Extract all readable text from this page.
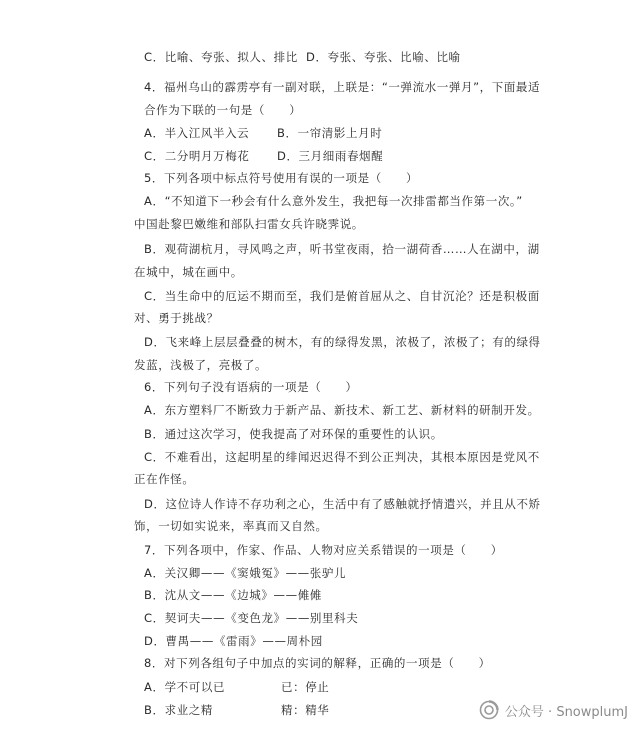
C．比喻、夸张、拟人、排比 D．夸张、夸张、比喻、比喻
4．福州乌山的霹雳亭有一副对联，上联是：“一弹流水一弹月”，下面最适
合作为下联的一句是（　　）
A．半入江风半入云 B．一帘清影上月时
C．二分明月万梅花 D．三月细雨春烟醒
5．下列各项中标点符号使用有误的一项是（　　）
A．“不知道下一秒会有什么意外发生，我把每一次排雷都当作第一次。”
中国赴黎巴嫩维和部队扫雷女兵许晓霁说。
B．观荷湖杭月，寻风鸣之声，听书堂夜雨，拾一湖荷香……人在湖中，湖
在城中，城在画中。
C．当生命中的厄运不期而至，我们是俯首屈从之、自甘沉沦？还是积极面
对、勇于挑战？
D．飞来峰上层层叠叠的树木，有的绿得发黑，浓极了，浓极了；有的绿得
发蓝，浅极了，亮极了。
6．下列句子没有语病的一项是（　　）
A．东方塑料厂不断致力于新产品、新技术、新工艺、新材料的研制开发。
B．通过这次学习，使我提高了对环保的重要性的认识。
C．不难看出，这起明星的绯闻迟迟得不到公正判决，其根本原因是党风不
正在作怪。
D．这位诗人作诗不存功利之心，生活中有了感触就抒情遣兴，并且从不矫
饰，一切如实说来，率真而又自然。
7．下列各项中，作家、作品、人物对应关系错误的一项是（　　）
A．关汉卿——《窦娥冤》——张驴儿
B．沈从文——《边城》——傩傩
C．契诃夫——《变色龙》——别里科夫
D．曹禺——《雷雨》——周朴园
8．对下列各组句子中加点的实词的解释，正确的一项是（　　）
A．学不可以已	已：停止
B．求业之精	精：精华	公众号 · SnowplumJ
